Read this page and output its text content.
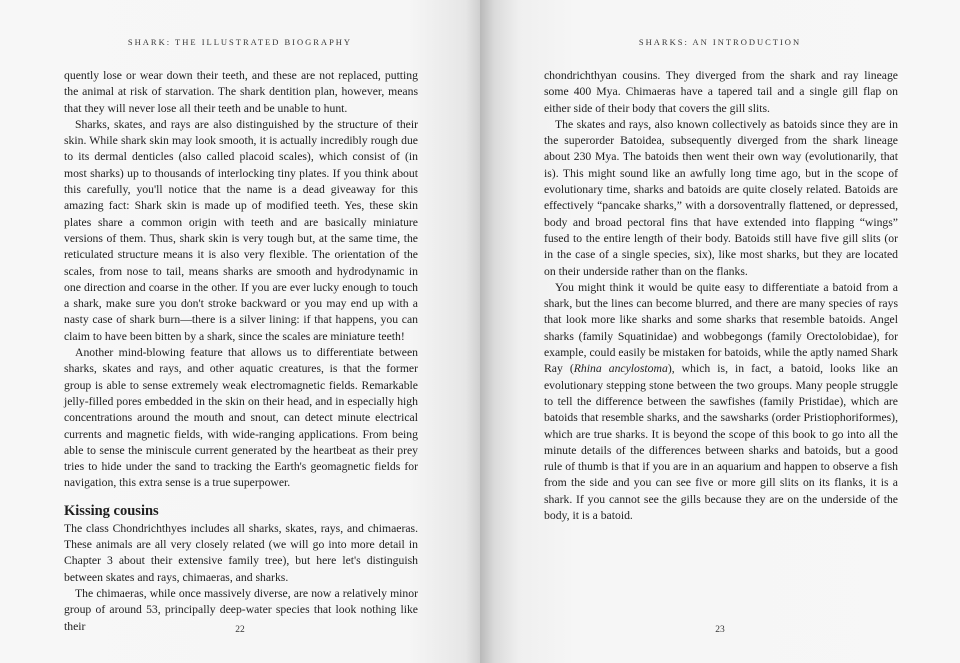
SHARK: THE ILLUSTRATED BIOGRAPHY

quently lose or wear down their teeth, and these are not replaced, putting the animal at risk of starvation. The shark dentition plan, however, means that they will never lose all their teeth and be unable to hunt.

Sharks, skates, and rays are also distinguished by the structure of their skin. While shark skin may look smooth, it is actually incredibly rough due to its dermal denticles (also called placoid scales), which consist of (in most sharks) up to thousands of interlocking tiny plates. If you think about this carefully, you'll notice that the name is a dead giveaway for this amazing fact: Shark skin is made up of modified teeth. Yes, these skin plates share a common origin with teeth and are basically miniature versions of them. Thus, shark skin is very tough but, at the same time, the reticulated structure means it is also very flexible. The orientation of the scales, from nose to tail, means sharks are smooth and hydrodynamic in one direction and coarse in the other. If you are ever lucky enough to touch a shark, make sure you don't stroke backward or you may end up with a nasty case of shark burn—there is a silver lining: if that happens, you can claim to have been bitten by a shark, since the scales are miniature teeth!

Another mind-blowing feature that allows us to differentiate between sharks, skates and rays, and other aquatic creatures, is that the former group is able to sense extremely weak electromagnetic fields. Remarkable jelly-filled pores embedded in the skin on their head, and in especially high concentrations around the mouth and snout, can detect minute electrical currents and magnetic fields, with wide-ranging applications. From being able to sense the miniscule current generated by the heartbeat as their prey tries to hide under the sand to tracking the Earth's geomagnetic fields for navigation, this extra sense is a true superpower.

Kissing cousins

The class Chondrichthyes includes all sharks, skates, rays, and chimaeras. These animals are all very closely related (we will go into more detail in Chapter 3 about their extensive family tree), but here let's distinguish between skates and rays, chimaeras, and sharks.

The chimaeras, while once massively diverse, are now a relatively minor group of around 53, principally deep-water species that look nothing like their	22
SHARKS: AN INTRODUCTION

chondrichthyan cousins. They diverged from the shark and ray lineage some 400 Mya. Chimaeras have a tapered tail and a single gill flap on either side of their body that covers the gill slits.

The skates and rays, also known collectively as batoids since they are in the superorder Batoidea, subsequently diverged from the shark lineage about 230 Mya. The batoids then went their own way (evolutionarily, that is). This might sound like an awfully long time ago, but in the scope of evolutionary time, sharks and batoids are quite closely related. Batoids are effectively “pancake sharks,” with a dorsoventrally flattened, or depressed, body and broad pectoral fins that have extended into flapping “wings” fused to the entire length of their body. Batoids still have five gill slits (or in the case of a single species, six), like most sharks, but they are located on their underside rather than on the flanks.

You might think it would be quite easy to differentiate a batoid from a shark, but the lines can become blurred, and there are many species of rays that look more like sharks and some sharks that resemble batoids. Angel sharks (family Squatinidae) and wobbegongs (family Orectolobidae), for example, could easily be mistaken for batoids, while the aptly named Shark Ray (Rhina ancylostoma), which is, in fact, a batoid, looks like an evolutionary stepping stone between the two groups. Many people struggle to tell the difference between the sawfishes (family Pristidae), which are batoids that resemble sharks, and the sawsharks (order Pristiophoriformes), which are true sharks. It is beyond the scope of this book to go into all the minute details of the differences between sharks and batoids, but a good rule of thumb is that if you are in an aquarium and happen to observe a fish from the side and you can see five or more gill slits on its flanks, it is a shark. If you cannot see the gills because they are on the underside of the body, it is a batoid.

23
